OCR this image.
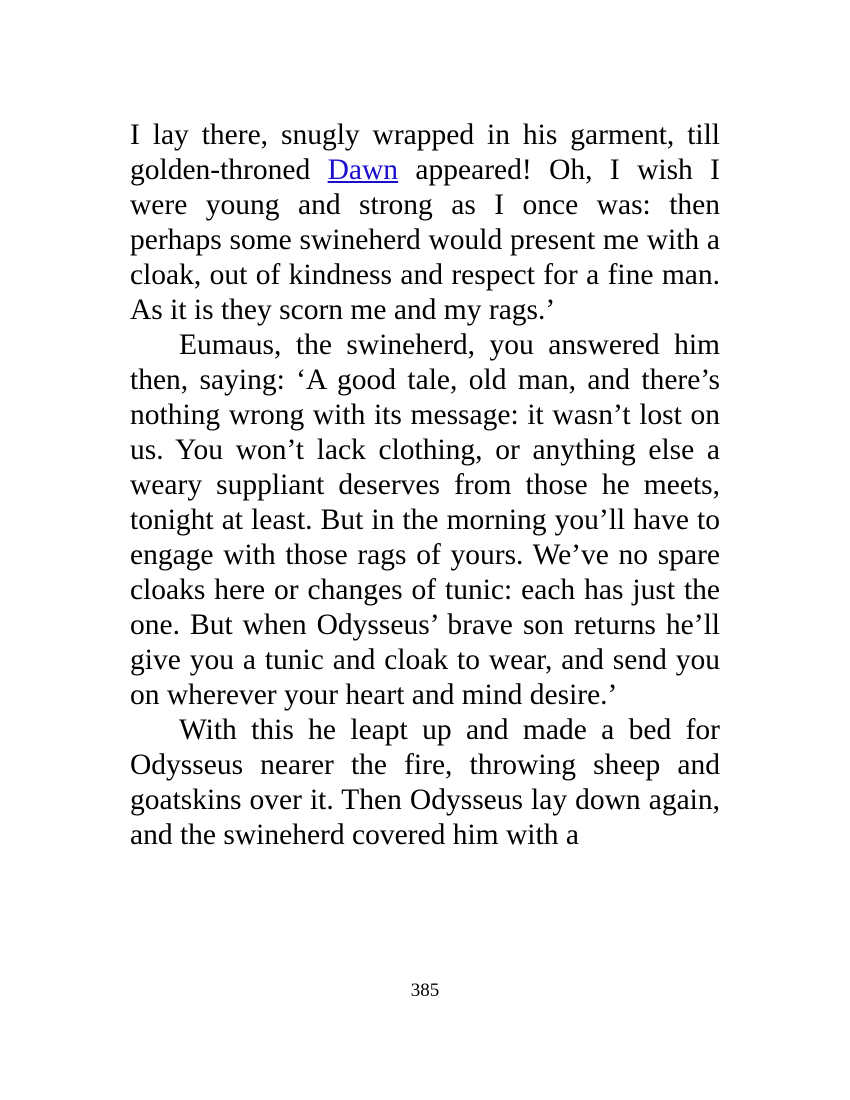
I lay there, snugly wrapped in his garment, till golden-throned Dawn appeared! Oh, I wish I were young and strong as I once was: then perhaps some swineherd would present me with a cloak, out of kindness and respect for a fine man. As it is they scorn me and my rags.’

Eumaus, the swineherd, you answered him then, saying: ‘A good tale, old man, and there’s nothing wrong with its message: it wasn’t lost on us. You won’t lack clothing, or anything else a weary suppliant deserves from those he meets, tonight at least. But in the morning you’ll have to engage with those rags of yours. We’ve no spare cloaks here or changes of tunic: each has just the one. But when Odysseus’ brave son returns he’ll give you a tunic and cloak to wear, and send you on wherever your heart and mind desire.’

With this he leapt up and made a bed for Odysseus nearer the fire, throwing sheep and goatskins over it. Then Odysseus lay down again, and the swineherd covered him with a

385
